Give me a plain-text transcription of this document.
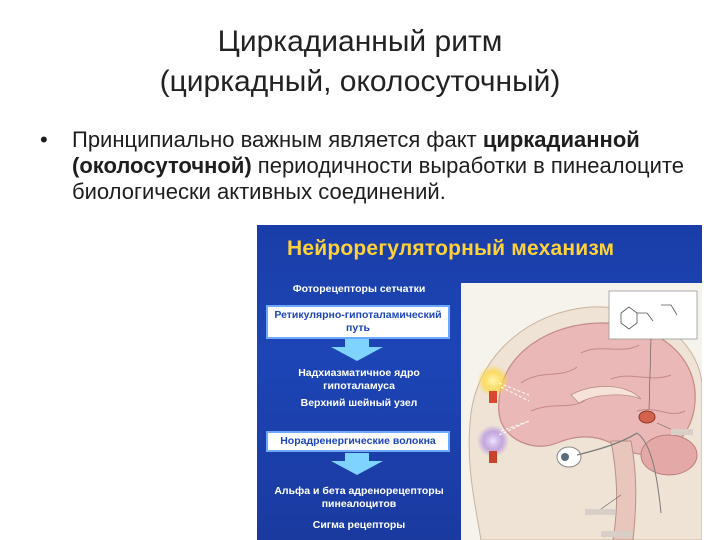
Циркадианный ритм
(циркадный, околосуточный)
• Принципиально важным является факт циркадианной (околосуточной) периодичности выработки в пинеалоците биологически активных соединений.
Нейрорегуляторный механизм
Фоторецепторы сетчатки
Ретикулярно-гипоталамический путь
Надхиазматичное ядро гипоталамуса
Верхний шейный узел
Норадренергические волокна
Альфа и бета адренорецепторы пинеалоцитов
Сигма рецепторы
